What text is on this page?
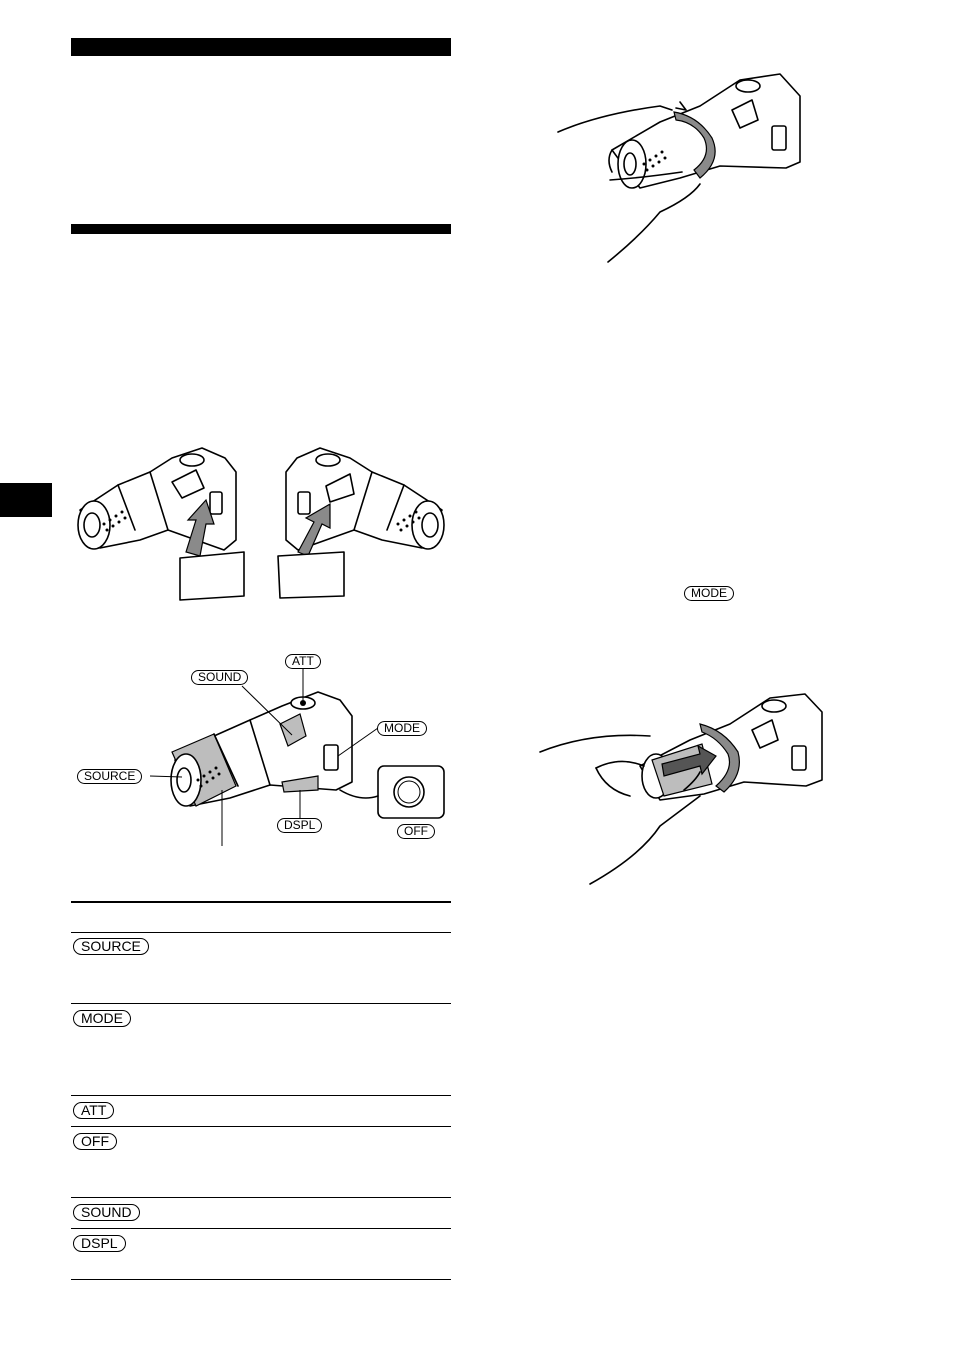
ATT
SOUND
MODE
SOURCE
DSPL	OFF
MODE
SOURCE
MODE
ATT
OFF
SOUND
DSPL
